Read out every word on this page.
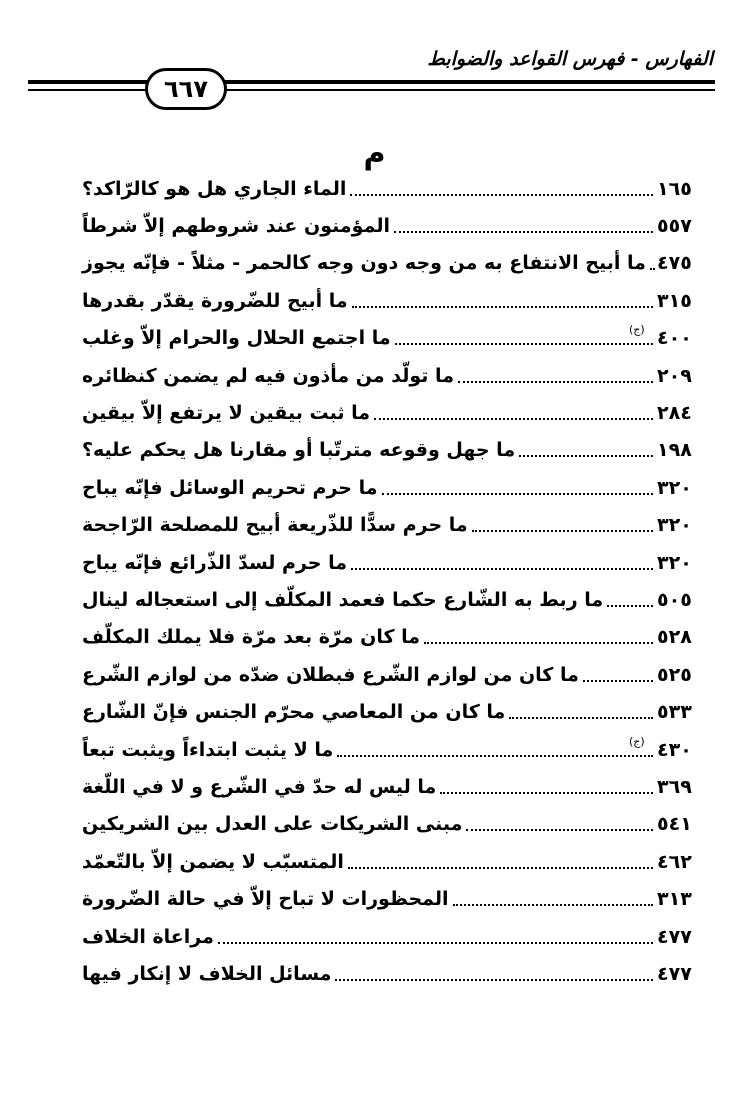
الفهارس - فهرس القواعد والضوابط
٦٦٧
م
الماء الجاري هل هو كالرّاكد؟	١٦٥
المؤمنون عند شروطهم إلاّ شرطاً	٥٥٧
ما أبيح الانتفاع به من وجه دون وجه كالحمر - مثلاً - فإنّه يجوز ٤٧٥
ما أبيح للضّرورة يقدّر بقدرها	٣١٥
ما اجتمع الحلال والحرام إلاّ وغلب	٤٠٠
(ج)
ما تولّد من مأذون فيه لم يضمن كنظائره	٢٠٩
ما ثبت بيقين لا يرتفع إلاّ بيقين	٢٨٤
ما جهل وقوعه مترتّبا أو مقارنا هل يحكم عليه؟	١٩٨
ما حرم تحريم الوسائل فإنّه يباح	٣٢٠
ما حرم سدًّا للذّريعة أبيح للمصلحة الرّاجحة	٣٢٠
ما حرم لسدّ الذّرائع فإنّه يباح	٣٢٠
ما ربط به الشّارع حكما فعمد المكلّف إلى استعجاله لينال	٥٠٥
ما كان مرّة بعد مرّة فلا يملك المكلّف	٥٢٨
ما كان من لوازم الشّرع فبطلان ضدّه من لوازم الشّرع	٥٢٥
ما كان من المعاصي محرّم الجنس فإنّ الشّارع	٥٣٣
ما لا يثبت ابتداءاً ويثبت تبعاً	٤٣٠
(ج)
ما ليس له حدّ في الشّرع و لا في اللّغة	٣٦٩
مبنى الشريكات على العدل بين الشريكين	٥٤١
المتسبّب لا يضمن إلاّ بالتّعمّد	٤٦٢
المحظورات لا تباح إلاّ في حالة الضّرورة	٣١٣
مراعاة الخلاف	٤٧٧
مسائل الخلاف لا إنكار فيها	٤٧٧
